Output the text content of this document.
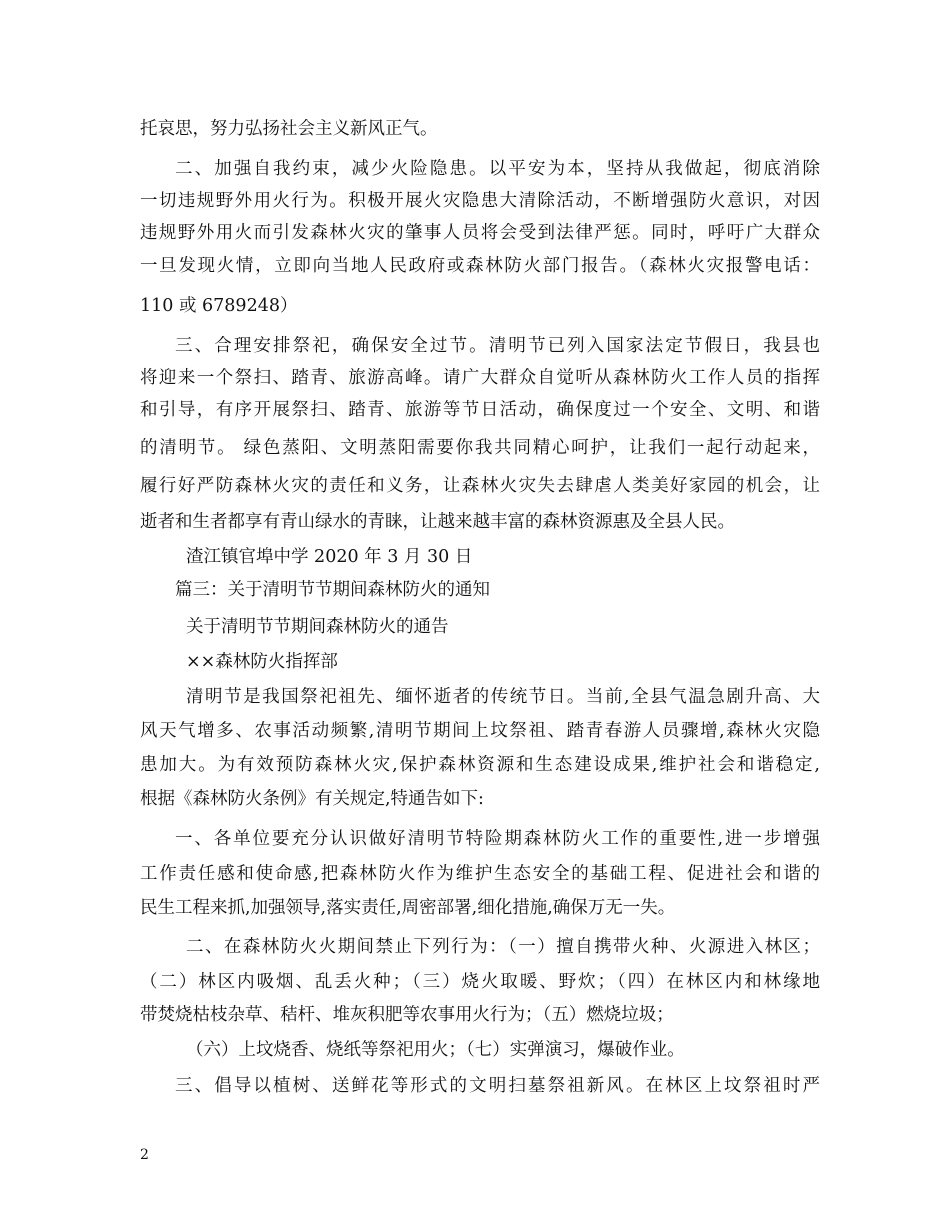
托哀思，努力弘扬社会主义新风正气。
二、加强自我约束，减少火险隐患。以平安为本，坚持从我做起，彻底消除
一切违规野外用火行为。积极开展火灾隐患大清除活动，不断增强防火意识，对因
违规野外用火而引发森林火灾的肇事人员将会受到法律严惩。同时，呼吁广大群众
一旦发现火情，立即向当地人民政府或森林防火部门报告。（森林火灾报警电话：
110 或 6789248）
三、合理安排祭祀，确保安全过节。清明节已列入国家法定节假日，我县也
将迎来一个祭扫、踏青、旅游高峰。请广大群众自觉听从森林防火工作人员的指挥
和引导，有序开展祭扫、踏青、旅游等节日活动，确保度过一个安全、文明、和谐
的清明节。 绿色蒸阳、文明蒸阳需要你我共同精心呵护，让我们一起行动起来，
履行好严防森林火灾的责任和义务，让森林火灾失去肆虐人类美好家园的机会，让
逝者和生者都享有青山绿水的青睐，让越来越丰富的森林资源惠及全县人民。
渣江镇官埠中学 2020 年 3 月 30 日
篇三：关于清明节节期间森林防火的通知
关于清明节节期间森林防火的通告
××森林防火指挥部
清明节是我国祭祀祖先、缅怀逝者的传统节日。当前,全县气温急剧升高、大
风天气增多、农事活动频繁,清明节期间上坟祭祖、踏青春游人员骤增,森林火灾隐
患加大。为有效预防森林火灾,保护森林资源和生态建设成果,维护社会和谐稳定,
根据《森林防火条例》有关规定,特通告如下:
一、各单位要充分认识做好清明节特险期森林防火工作的重要性,进一步增强
工作责任感和使命感,把森林防火作为维护生态安全的基础工程、促进社会和谐的
民生工程来抓,加强领导,落实责任,周密部署,细化措施,确保万无一失。
二、在森林防火火期间禁止下列行为：（一）擅自携带火种、火源进入林区；
（二）林区内吸烟、乱丢火种；（三）烧火取暖、野炊；（四）在林区内和林缘地
带焚烧枯枝杂草、秸杆、堆灰积肥等农事用火行为；（五）燃烧垃圾；
（六）上坟烧香、烧纸等祭祀用火；（七）实弹演习，爆破作业。
三、倡导以植树、送鲜花等形式的文明扫墓祭祖新风。在林区上坟祭祖时严
2
